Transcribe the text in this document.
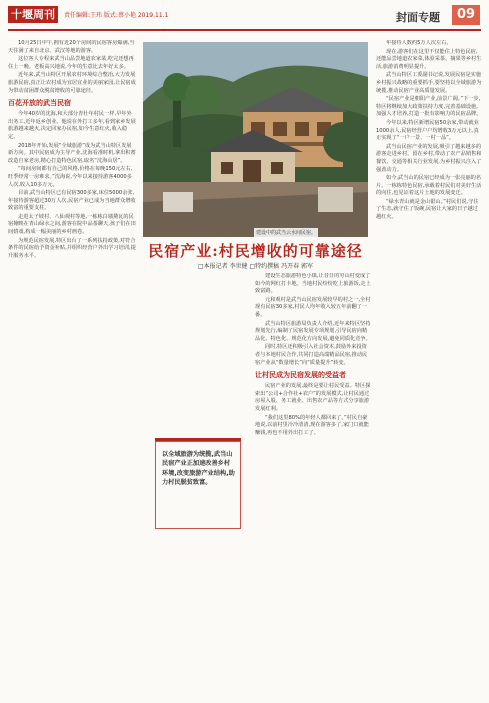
十堰周刊	责任编辑:王玮 版式:蔡小艳 2019.11.1	封面专题	09

10月25日中午,拥有近20个房间的民宿客房爆满,当天住满了来自北京、武汉等地的游客。

这位客人专程来武当山品尝地道农家菜,吃完还想再住上一晚。老板高兴地说,今年的生意比去年好太多。

近年来,武当山特区开展农村环境综合整治,大力发展旅游民宿,真正让农村成为宜居宜业的美丽家园,让民宿成为带动贫困群众脱贫增收的可靠途径。

百花开放的武当民宿

今年40岁的沈海,和大部分青壮年村民一样,早年外出务工,近年返乡创业。他说在外打工多年,看到家乡发展旅游越来越火,决定回家办民宿,如今生意红火,收入稳定。

2018年开始,发展“全域旅游”成为武当山特区发展新方向。其中民宿成为主导产业,沈海看准时机,拿出积蓄改造自家老房,精心打造特色民宿,取名“沈海山居”。

“每间房间都有自己的风格,价格在每晚150元左右,旺季经常一房难求。”沈海说,今年以来接待游客4000多人次,收入10多万元。

目前,武当山特区已有民宿300多家,床位5000余张,年接待游客超过30万人次,民宿产业已成为当地群众增收致富的重要支柱。

走进太子坡村、八仙观村等地,一栋栋白墙黛瓦的民宿掩映在青山绿水之间,游客在院中品茶聊天,孩子们在田间嬉戏,构成一幅美丽的乡村画卷。

为规范民宿发展,特区出台了一系列扶持政策,对符合条件的民宿给予资金补贴,并组织经营户外出学习培训,提升服务水平。

建设中的武当云水间民宿。
民宿产业:村民增收的可靠途径
□本报记者 李世健 □特约撰稿 冯开春 郭军

建设生态旅游特色小镇,让昔日的穷山村变成了如今的网红打卡地。当地村民纷纷吃上旅游饭,走上致富路。

元和观村是武当山民宿发展较早的村之一,全村现有民宿30多家,村民人均年收入较五年前翻了一番。

武当山特区旅游局负责人介绍,近年来特区坚持规划先行,编制了民宿发展专项规划,引导民宿向精品化、特色化、规范化方向发展,避免同质化竞争。

同时,特区还积极引入社会资本,鼓励外来投资者与本地村民合作,共同打造高端精品民宿,推动民宿产业从“数量增长”向“质量提升”转变。

让村民成为民宿发展的受益者

民宿产业的发展,最终是要让村民受益。特区探索出“公司+合作社+农户”的发展模式,让村民通过房屋入股、务工就业、出售农产品等方式分享旅游发展红利。

“我们这里80%的年轻人都回来了。”村民自豪地说,以前村里冷冷清清,现在游客多了,家门口就能赚钱,再也不用外出打工了。

以全域旅游为统揽,武当山民宿产业正加速改善乡村环境,改变旅游产业结构,助力村民脱贫致富。

年接待人数约5万人次左右。

现在,游客们在这里不仅能住上特色民宿,还能品尝地道农家菜,体验采茶、摘果等乡村生活,旅游消费明显提升。

武当山特区工委副书记说,发展民宿是实施乡村振兴战略的重要抓手,要坚持以全域旅游为统揽,推动民宿产业高质量发展。

“民宿产业是朝阳产业,前景广阔。”下一步,特区将继续加大政策扶持力度,完善基础设施,加强人才培养,打造一批有影响力的民宿品牌。

今年以来,特区新增民宿50余家,带动就业1000余人,民宿经营户户均增收3万元以上,真正实现了“一户一景、一村一品”。

武当山民宿产业的发展,吸引了越来越多的游客走进乡村、留在乡村,带动了农产品销售和餐饮、交通等相关行业发展,为乡村振兴注入了强劲动力。

如今,武当山的民宿已经成为一张亮丽的名片。一栋栋特色民宿,承载着村民们对美好生活的向往,也见证着这片土地的发展变迁。

“绿水青山就是金山银山。”村民们说,守住了生态,就守住了饭碗,民宿让大家的日子越过越红火。
